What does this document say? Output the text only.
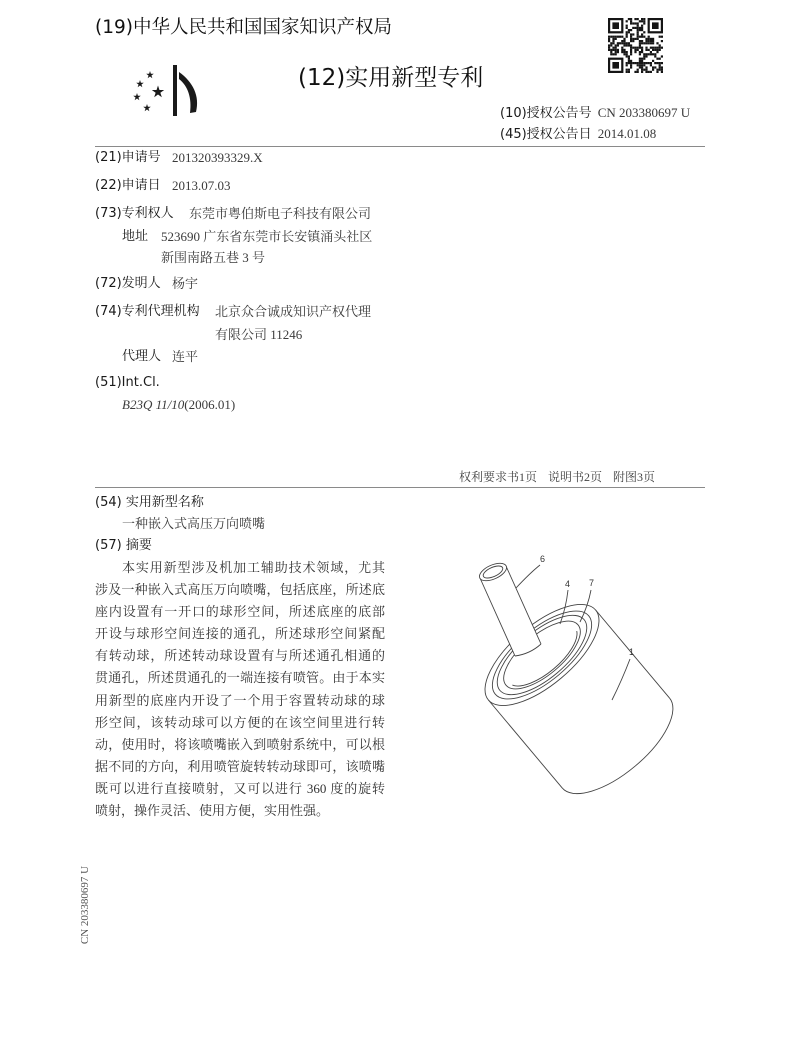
(19)中华人民共和国国家知识产权局
(12)实用新型专利
(10)授权公告号 CN 203380697 U
(45)授权公告日 2014.01.08
(21)申请号 201320393329.X
(22)申请日 2013.07.03
(73)专利权人 东莞市粤伯斯电子科技有限公司
地址 523690 广东省东莞市长安镇涌头社区
新围南路五巷 3 号
(72)发明人 杨宇
(74)专利代理机构 北京众合诚成知识产权代理
有限公司 11246
代理人 连平
(51)Int.Cl.
B23Q 11/10(2006.01)
权利要求书1页 说明书2页 附图3页
(54) 实用新型名称
一种嵌入式高压万向喷嘴
(57) 摘要
本实用新型涉及机加工辅助技术领域，尤其
涉及一种嵌入式高压万向喷嘴，包括底座，所述底
座内设置有一开口的球形空间，所述底座的底部
开设与球形空间连接的通孔，所述球形空间紧配
有转动球，所述转动球设置有与所述通孔相通的
贯通孔，所述贯通孔的一端连接有喷管。由于本实
用新型的底座内开设了一个用于容置转动球的球
形空间，该转动球可以方便的在该空间里进行转
动，使用时，将该喷嘴嵌入到喷射系统中，可以根
据不同的方向，利用喷管旋转转动球即可，该喷嘴
既可以进行直接喷射，又可以进行 360 度的旋转
喷射，操作灵活、使用方便，实用性强。
6
4 7
1
CN 203380697 U
